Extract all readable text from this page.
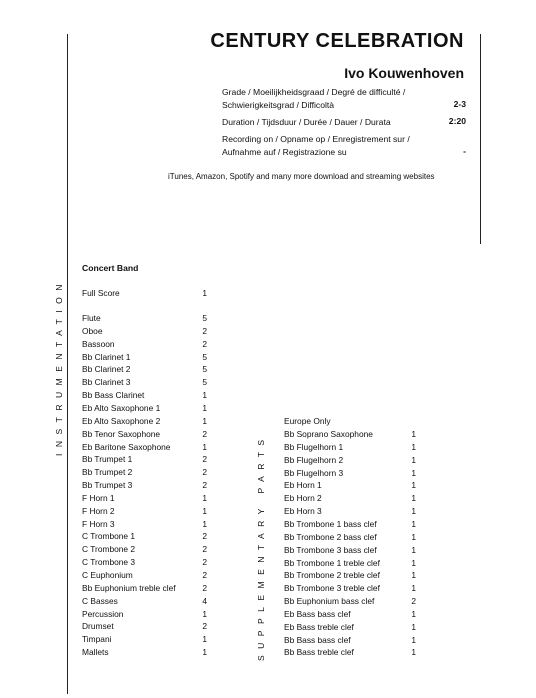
CENTURY CELEBRATION
Ivo Kouwenhoven
Grade / Moeilijkheidsgraad / Degré de difficulté /
Schwierigkeitsgrad / Difficoltà	2-3
Duration / Tijdsduur / Durée / Dauer / Durata	2:20
Recording on / Opname op / Enregistrement sur /
Aufnahme auf / Registrazione su	-
iTunes, Amazon, Spotify and many more download and streaming websites
INSTRUMENTATION
SUPPLEMENTARY PARTS
Concert Band
Full Score	1
Flute	5
Oboe	2
Bassoon	2
Bb Clarinet 1	5
Bb Clarinet 2	5
Bb Clarinet 3	5
Bb Bass Clarinet	1
Eb Alto Saxophone 1	1
Eb Alto Saxophone 2	1
Bb Tenor Saxophone	2
Eb Baritone Saxophone	1
Bb Trumpet 1	2
Bb Trumpet 2	2
Bb Trumpet 3	2
F Horn 1	1
F Horn 2	1
F Horn 3	1
C Trombone 1	2
C Trombone 2	2
C Trombone 3	2
C Euphonium	2
Bb Euphonium treble clef	2
C Basses	4
Percussion	1
Drumset	2
Timpani	1
Mallets	1
Europe Only
Bb Soprano Saxophone	1
Bb Flugelhorn 1	1
Bb Flugelhorn 2	1
Bb Flugelhorn 3	1
Eb Horn 1	1
Eb Horn 2	1
Eb Horn 3	1
Bb Trombone 1 bass clef	1
Bb Trombone 2 bass clef	1
Bb Trombone 3 bass clef	1
Bb Trombone 1 treble clef	1
Bb Trombone 2 treble clef	1
Bb Trombone 3 treble clef	1
Bb Euphonium bass clef	2
Eb Bass bass clef	1
Eb Bass treble clef	1
Bb Bass bass clef	1
Bb Bass treble clef	1
